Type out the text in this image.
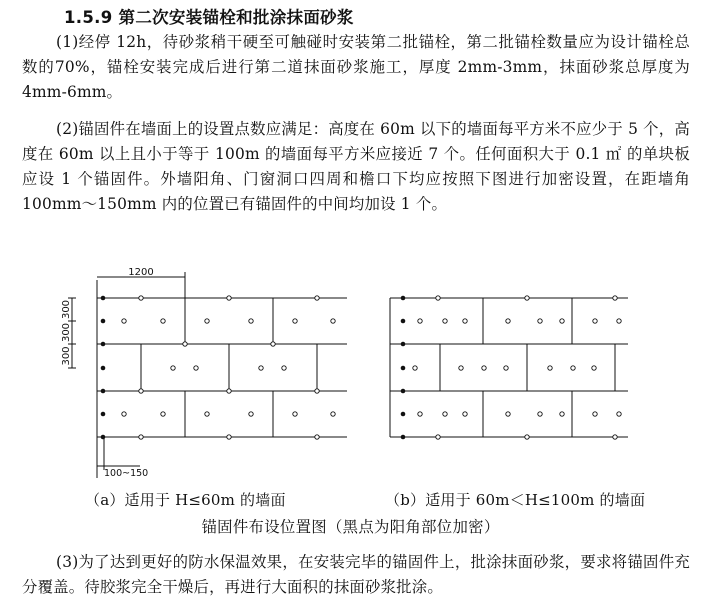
1.5.9 第二次安装锚栓和批涂抹面砂浆

(1)经停 12h，待砂浆稍干硬至可触碰时安装第二批锚栓，第二批锚栓数量应为设计锚栓总数的70%，锚栓安装完成后进行第二道抹面砂浆施工，厚度 2mm-3mm，抹面砂浆总厚度为 4mm-6mm。

(2)锚固件在墙面上的设置点数应满足：高度在 60m 以下的墙面每平方米不应少于 5 个，高度在 60m 以上且小于等于 100m 的墙面每平方米应接近 7 个。任何面积大于 0.1 ㎡ 的单块板应设 1 个锚固件。外墙阳角、门窗洞口四周和檐口下均应按照下图进行加密设置，在距墙角 100mm～150mm 内的位置已有锚固件的中间均加设 1 个。

1200
300
300
300
100~150
（a）适用于 H≤60m 的墙面	（b）适用于 60m＜H≤100m 的墙面
锚固件布设位置图（黑点为阳角部位加密）

(3)为了达到更好的防水保温效果，在安装完毕的锚固件上，批涂抹面砂浆，要求将锚固件充分覆盖。待胶浆完全干燥后，再进行大面积的抹面砂浆批涂。
